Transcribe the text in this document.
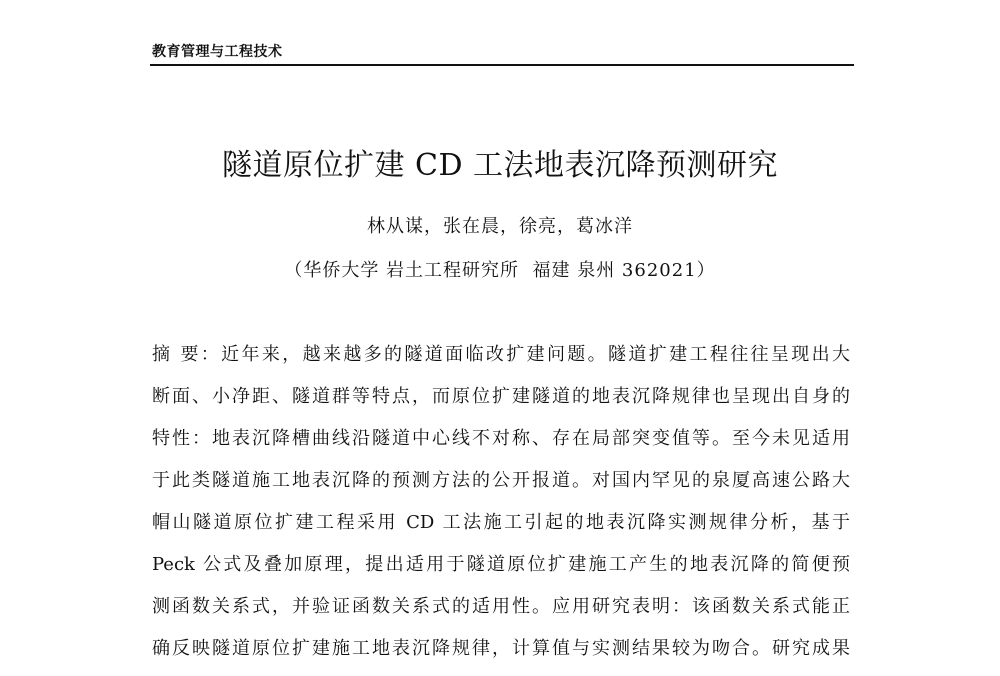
教育管理与工程技术
隧道原位扩建 CD 工法地表沉降预测研究
林从谋，张在晨，徐亮，葛冰洋
（华侨大学 岩土工程研究所  福建 泉州 362021）
摘 要：近年来，越来越多的隧道面临改扩建问题。隧道扩建工程往往呈现出大
断面、小净距、隧道群等特点，而原位扩建隧道的地表沉降规律也呈现出自身的
特性：地表沉降槽曲线沿隧道中心线不对称、存在局部突变值等。至今未见适用
于此类隧道施工地表沉降的预测方法的公开报道。对国内罕见的泉厦高速公路大
帽山隧道原位扩建工程采用 CD 工法施工引起的地表沉降实测规律分析，基于
Peck 公式及叠加原理，提出适用于隧道原位扩建施工产生的地表沉降的简便预
测函数关系式，并验证函数关系式的适用性。应用研究表明：该函数关系式能正
确反映隧道原位扩建施工地表沉降规律，计算值与实测结果较为吻合。研究成果
